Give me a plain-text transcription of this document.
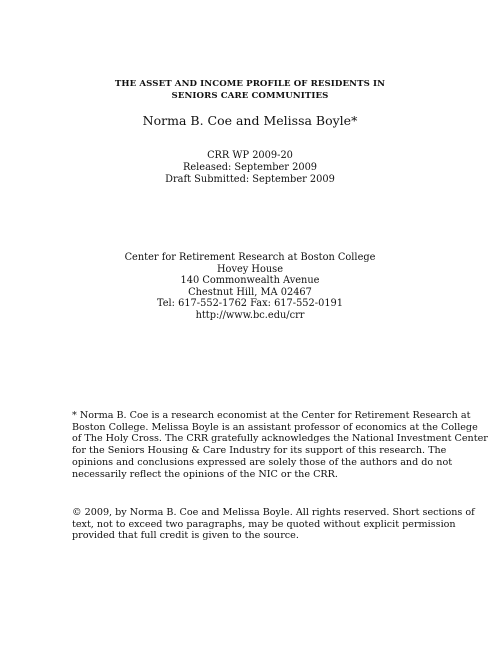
THE ASSET AND INCOME PROFILE OF RESIDENTS IN
SENIORS CARE COMMUNITIES
Norma B. Coe and Melissa Boyle*
CRR WP 2009-20
Released: September 2009
Draft Submitted: September 2009
Center for Retirement Research at Boston College
Hovey House
140 Commonwealth Avenue
Chestnut Hill, MA 02467
Tel: 617-552-1762 Fax: 617-552-0191
http://www.bc.edu/crr
* Norma B. Coe is a research economist at the Center for Retirement Research at
Boston College. Melissa Boyle is an assistant professor of economics at the College
of The Holy Cross. The CRR gratefully acknowledges the National Investment Center
for the Seniors Housing & Care Industry for its support of this research. The
opinions and conclusions expressed are solely those of the authors and do not
necessarily reflect the opinions of the NIC or the CRR.
© 2009, by Norma B. Coe and Melissa Boyle. All rights reserved. Short sections of
text, not to exceed two paragraphs, may be quoted without explicit permission
provided that full credit is given to the source.
